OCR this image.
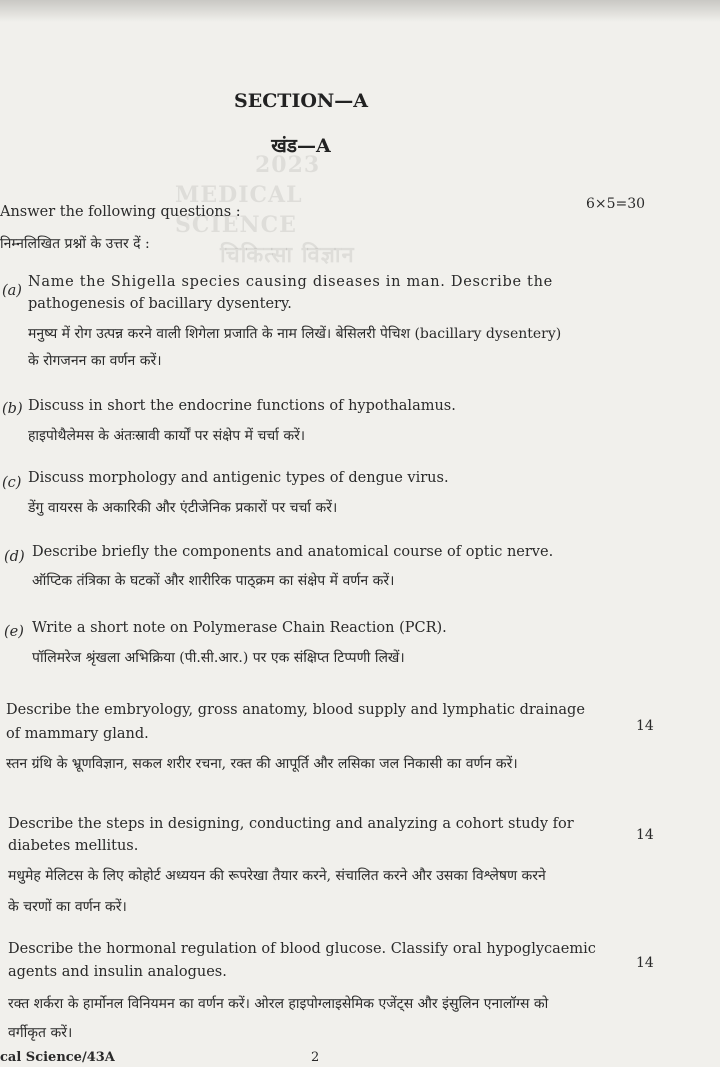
2023
MEDICAL SCIENCE
चिकित्सा विज्ञान
SECTION—A
खंड—A
Answer the following questions :	6×5=30
निम्नलिखित प्रश्नों के उत्तर दें :
(a)
Name the Shigella species causing diseases in man. Describe the
pathogenesis of bacillary dysentery.
मनुष्य में रोग उत्पन्न करने वाली शिगेला प्रजाति के नाम लिखें। बेसिलरी पेचिश (bacillary dysentery)
के रोगजनन का वर्णन करें।
(b) Discuss in short the endocrine functions of hypothalamus.
हाइपोथैलेमस के अंतःस्रावी कार्यों पर संक्षेप में चर्चा करें।
(c) Discuss morphology and antigenic types of dengue virus.
डेंगु वायरस के अकारिकी और एंटीजेनिक प्रकारों पर चर्चा करें।
(d) Describe briefly the components and anatomical course of optic nerve.
ऑप्टिक तंत्रिका के घटकों और शारीरिक पाठ्क्रम का संक्षेप में वर्णन करें।
(e) Write a short note on Polymerase Chain Reaction (PCR).
पॉलिमरेज श्रृंखला अभिक्रिया (पी.सी.आर.) पर एक संक्षिप्त टिप्पणी लिखें।
Describe the embryology, gross anatomy, blood supply and lymphatic drainage
of mammary gland.	14
स्तन ग्रंथि के भ्रूणविज्ञान, सकल शरीर रचना, रक्त की आपूर्ति और लसिका जल निकासी का वर्णन करें।
Describe the steps in designing, conducting and analyzing a cohort study for
diabetes mellitus.
14
मधुमेह मेलिटस के लिए कोहोर्ट अध्ययन की रूपरेखा तैयार करने, संचालित करने और उसका विश्लेषण करने
के चरणों का वर्णन करें।
Describe the hormonal regulation of blood glucose. Classify oral hypoglycaemic
agents and insulin analogues.
14
रक्त शर्करा के हार्मोनल विनियमन का वर्णन करें। ओरल हाइपोग्लाइसेमिक एजेंट्स और इंसुलिन एनालॉग्स को
वर्गीकृत करें।
cal Science/43A	2
